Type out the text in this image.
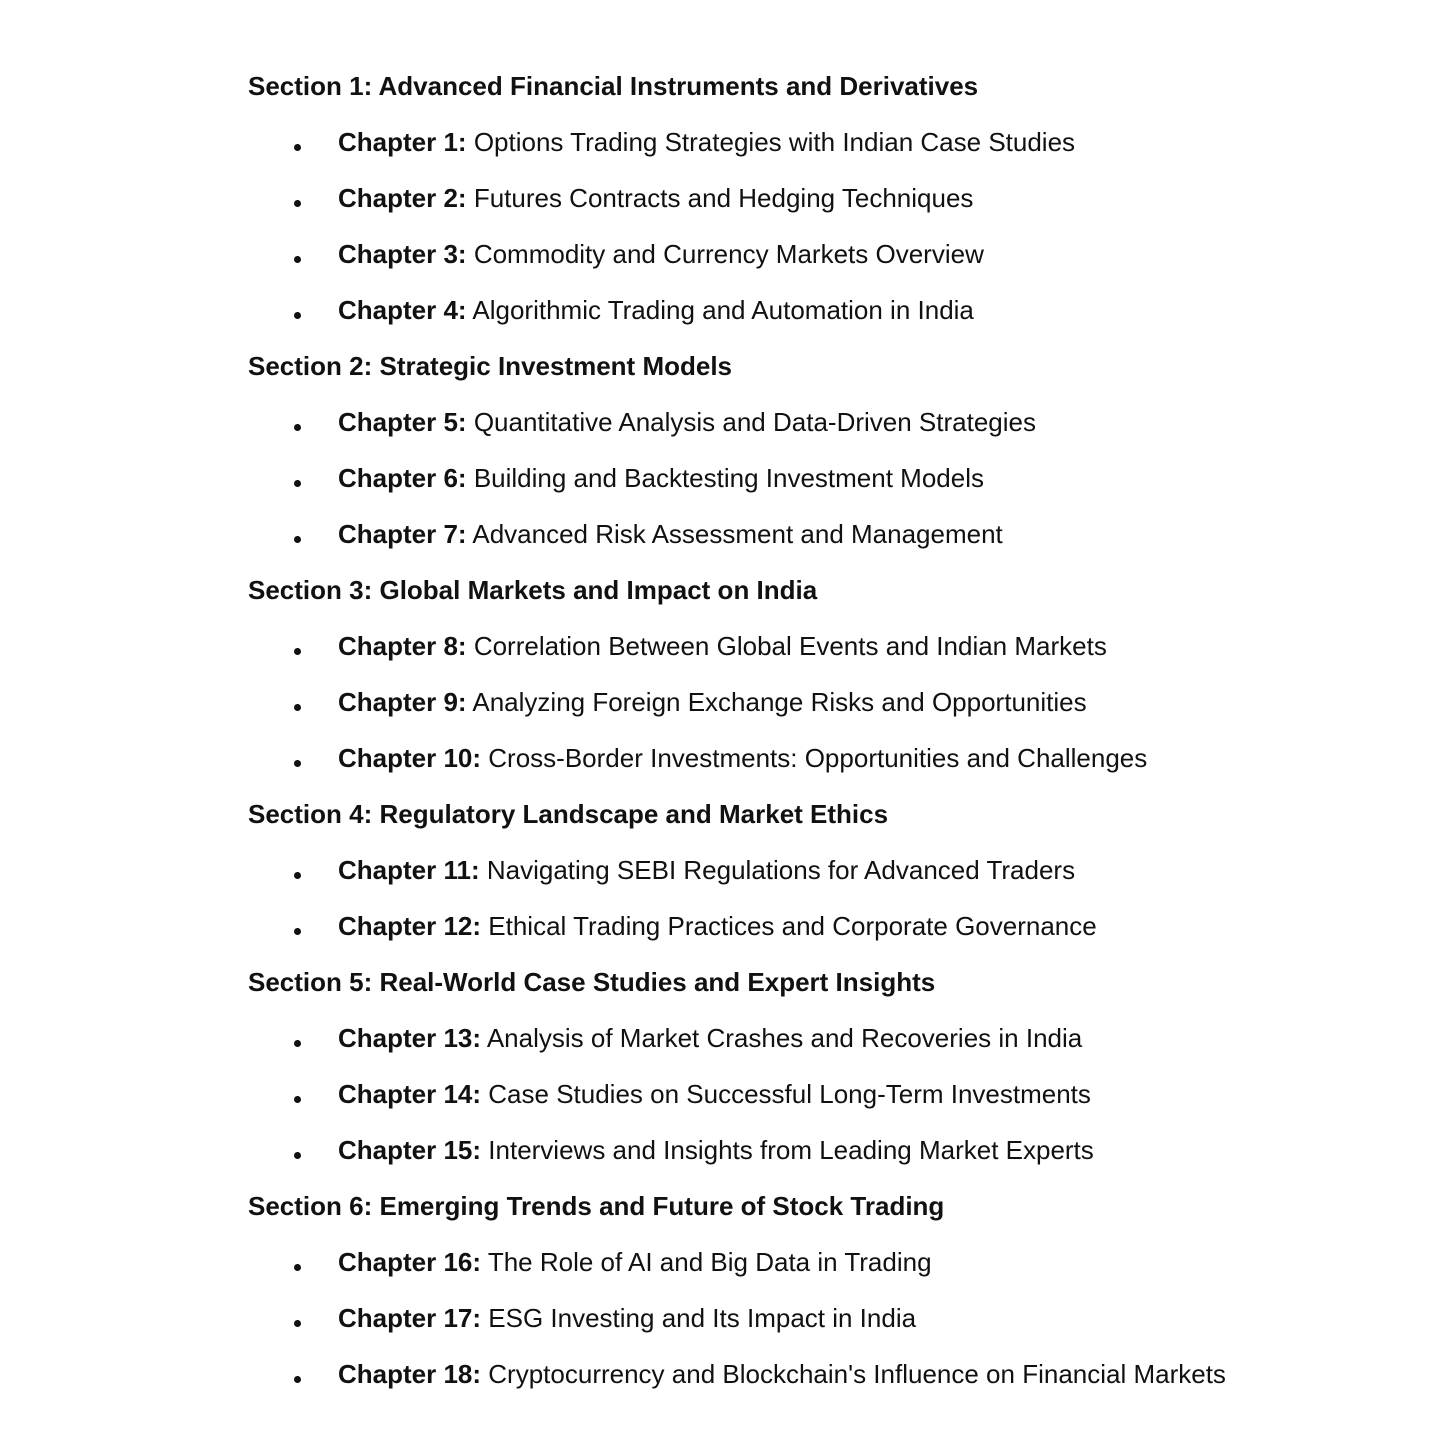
Section 1: Advanced Financial Instruments and Derivatives
Chapter 1: Options Trading Strategies with Indian Case Studies
Chapter 2: Futures Contracts and Hedging Techniques
Chapter 3: Commodity and Currency Markets Overview
Chapter 4: Algorithmic Trading and Automation in India
Section 2: Strategic Investment Models
Chapter 5: Quantitative Analysis and Data-Driven Strategies
Chapter 6: Building and Backtesting Investment Models
Chapter 7: Advanced Risk Assessment and Management
Section 3: Global Markets and Impact on India
Chapter 8: Correlation Between Global Events and Indian Markets
Chapter 9: Analyzing Foreign Exchange Risks and Opportunities
Chapter 10: Cross-Border Investments: Opportunities and Challenges
Section 4: Regulatory Landscape and Market Ethics
Chapter 11: Navigating SEBI Regulations for Advanced Traders
Chapter 12: Ethical Trading Practices and Corporate Governance
Section 5: Real-World Case Studies and Expert Insights
Chapter 13: Analysis of Market Crashes and Recoveries in India
Chapter 14: Case Studies on Successful Long-Term Investments
Chapter 15: Interviews and Insights from Leading Market Experts
Section 6: Emerging Trends and Future of Stock Trading
Chapter 16: The Role of AI and Big Data in Trading
Chapter 17: ESG Investing and Its Impact in India
Chapter 18: Cryptocurrency and Blockchain's Influence on Financial Markets
